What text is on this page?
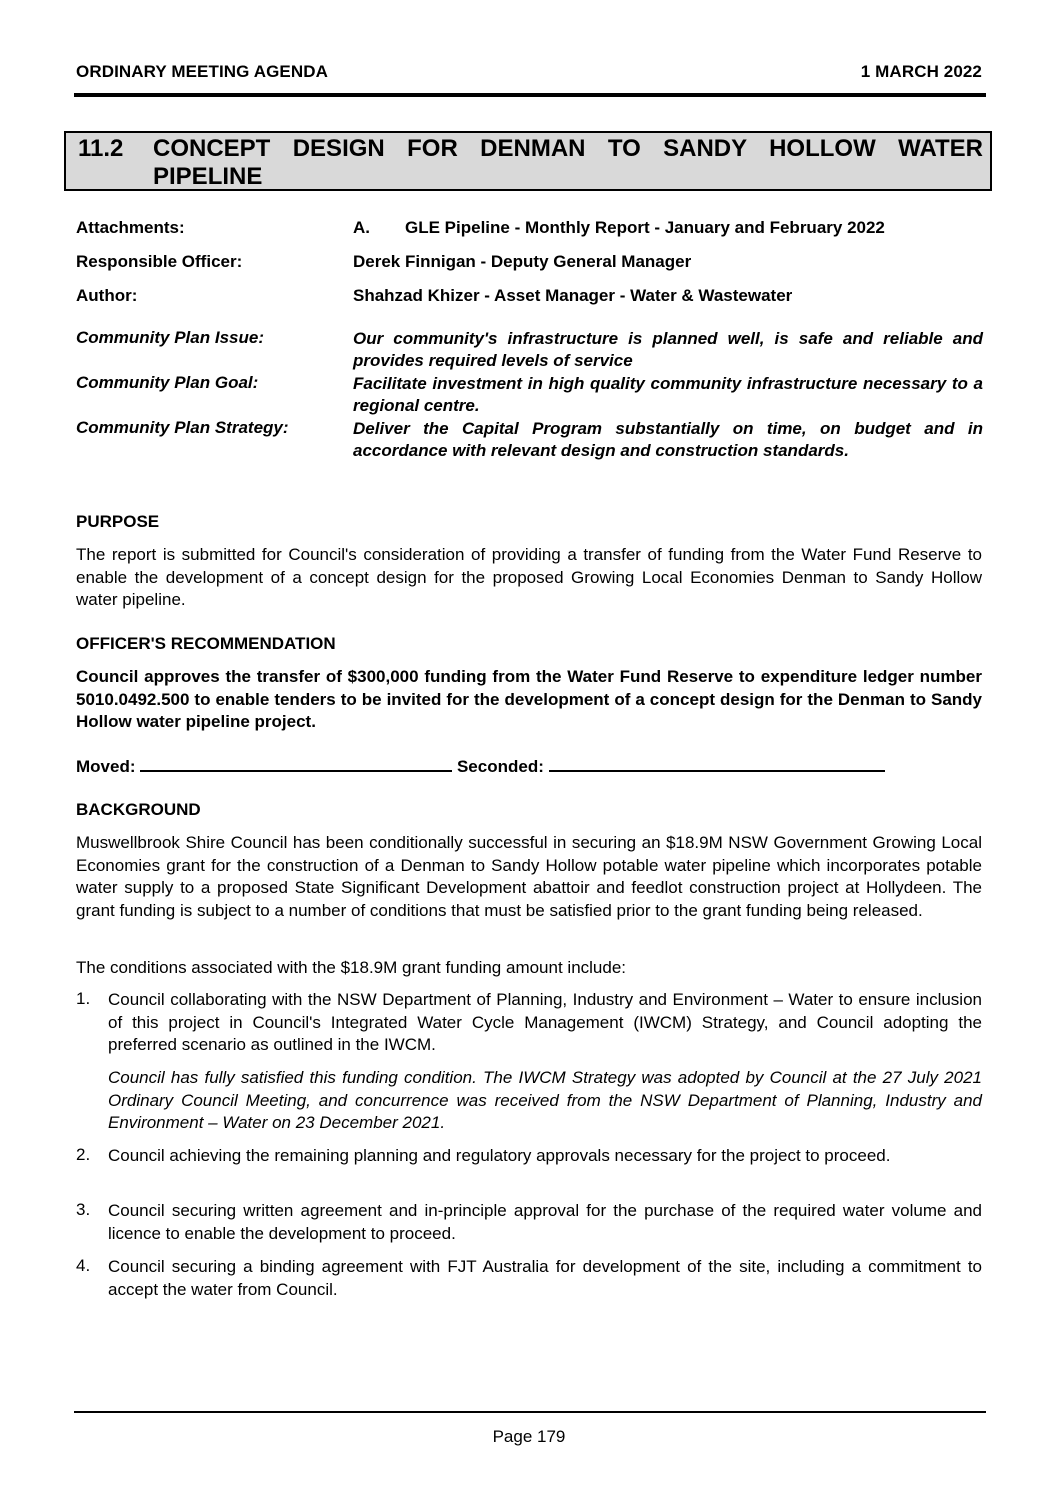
ORDINARY MEETING AGENDA	1 MARCH 2022
11.2 CONCEPT DESIGN FOR DENMAN TO SANDY HOLLOW WATER
PIPELINE
Attachments:	A. GLE Pipeline - Monthly Report - January and February 2022
Responsible Officer:	Derek Finnigan - Deputy General Manager
Author:	Shahzad Khizer - Asset Manager - Water & Wastewater
Community Plan Issue:	Our community's infrastructure is planned well, is safe and reliable and provides required levels of service
Community Plan Goal:	Facilitate investment in high quality community infrastructure necessary to a regional centre.
Community Plan Strategy:	Deliver the Capital Program substantially on time, on budget and in accordance with relevant design and construction standards.
PURPOSE
The report is submitted for Council's consideration of providing a transfer of funding from the Water Fund Reserve to enable the development of a concept design for the proposed Growing Local Economies Denman to Sandy Hollow water pipeline.
OFFICER'S RECOMMENDATION
Council approves the transfer of $300,000 funding from the Water Fund Reserve to expenditure ledger number 5010.0492.500 to enable tenders to be invited for the development of a concept design for the Denman to Sandy Hollow water pipeline project.
Moved:	Seconded:
BACKGROUND
Muswellbrook Shire Council has been conditionally successful in securing an $18.9M NSW Government Growing Local Economies grant for the construction of a Denman to Sandy Hollow potable water pipeline which incorporates potable water supply to a proposed State Significant Development abattoir and feedlot construction project at Hollydeen. The grant funding is subject to a number of conditions that must be satisfied prior to the grant funding being released.
The conditions associated with the $18.9M grant funding amount include:
1. Council collaborating with the NSW Department of Planning, Industry and Environment – Water to ensure inclusion of this project in Council's Integrated Water Cycle Management (IWCM) Strategy, and Council adopting the preferred scenario as outlined in the IWCM.
Council has fully satisfied this funding condition. The IWCM Strategy was adopted by Council at the 27 July 2021 Ordinary Council Meeting, and concurrence was received from the NSW Department of Planning, Industry and Environment – Water on 23 December 2021.
2. Council achieving the remaining planning and regulatory approvals necessary for the project to proceed.
3. Council securing written agreement and in-principle approval for the purchase of the required water volume and licence to enable the development to proceed.
4. Council securing a binding agreement with FJT Australia for development of the site, including a commitment to accept the water from Council.
Page 179
